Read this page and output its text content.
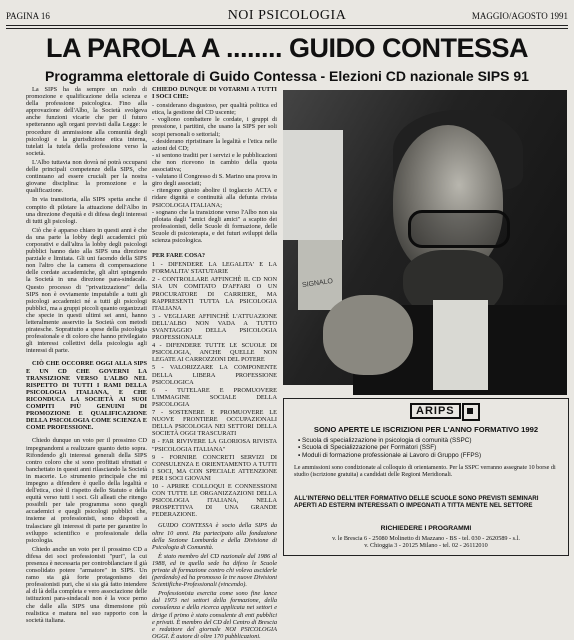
PAGINA 16	NOI PSICOLOGIA	MAGGIO/AGOSTO 1991
LA PAROLA A ........ GUIDO CONTESSA
Programma elettorale di Guido Contessa - Elezioni CD nazionale SIPS 91

La SIPS ha da sempre un ruolo di promozione e qualificazione della scienza e della professione psicologica. Fino alla approvazione dell'Albo, la Società svolgeva anche funzioni vicarie che per il futuro spetteranno agli organi previsti dalla Legge: le procedure di ammissione alla comunità degli psicologi e la giurisdizione etica interna, tutelati la tutela della professione verso la società.

L'Albo tuttavia non dovrà né potrà occuparsi delle principali competenze della SIPS, che continuano ad essere cruciali per la nostra giovane disciplina: la promozione e la qualificazione.

In via transitoria, alla SIPS spetta anche il compito di pilotare la attuazione dell'Albo in una direzione d'equità e di difesa degli interessi di tutti gli psicologi.

Ciò che è apparso chiaro in questi anni è che da una parte la lobby degli accademici più corporativi e dall'altra la lobby degli psicologi pubblici hanno dato alla SIPS una direzione parziale e limitata. Gli uni facendo della SIPS non l'altro che la camera di compensazione delle cordate accademiche, gli altri spingendo la Società in una direzione para-sindacale. Questo processo di "privatizzazione" della SIPS non è ovviamente imputabile a tutti gli psicologi accademici né a tutti gli psicologi pubblici, ma a gruppi piccoli quanto organizzati che specie in questi ultimi sei anni, hanno letteralmente asservito la Società con metodi piratesche. Soprattutto a spese della psicologia professionale e di coloro che hanno privilegiato gli interessi collettivi della psicologia agli interessi di parte.

CIÒ CHE OCCORRE OGGI ALLA SIPS E UN CD CHE GOVERNI LA TRANSIZIONE VERSO L'ALBO NEL RISPETTO DI TUTTI I RAMI DELLA PSICOLOGIA ITALIANA, E CHE RICONDUCA LA SOCIETÀ AI SUOI COMPITI PIÙ GENUINI DI PROMOZIONE E QUALIFICAZIONE DELLA PSICOLOGIA COME SCIENZA E COME PROFESSIONE.

Chiedo dunque un voto per il prossimo CD impegnandomi a realizzare quanto detto sopra. Rifondendo gli interessi generali della SIPS contro coloro che si sono profittati sfruttati e banchettato in questi anni rilasciando la Società in macerie. Lo strumento principale che mi impegno a difendere è quello della legalità e dell'etica, cioè il rispetto dello Statuto e della equità verso tutti i soci. Gli alleati che ritengo possibili per tale programma sono quegli accademici e quegli psicologi pubblici che, insieme ai professionisti, sono disposti a tralasciare gli interessi di parte per garantire lo sviluppo scientifico e professionale della psicologia.

Chiedo anche un voto per il prossimo CD a difesa dei soci professionisti "puri", la cui presenza è necessaria per controbilanciare il già consolidato potere "armatore" in SIPS. Un ramo sta già forte protagonismo dei professionisti puri, che si sia già fatto intendere al di là della completa e vero associazione delle istituzioni para-sindacali non è la voce perno che dalle alla SIPS una dimensione più realistica e matura nel suo rapporto con la società italiana.

CHIEDO DUNQUE DI VOTARMI A TUTTI I SOCI CHE:
- considerano disgustoso, per qualità politica ed etica, la gestione del CD uscente;
- vogliono combattere le cordate, i gruppi di pressione, i partitini, che usano la SIPS per soli scopi personali o settoriali;
- desiderano ripristinare la legalità e l'etica nelle azioni del CD;
- si sentono traditi per i servizi e le pubblicazioni che non ricevono in cambio della quota associativa;
- valutano il Congresso di S. Marino una prova in giro degli associati;
- ritengono giusto abolire il toglaccio ACTA e ridare dignità e continuità alla defunta rivista PSICOLOGIA ITALIANA;
- sognano che la transizione verso l'Albo non sia pilotata dagli "amici degli amici" a scapito dei professionisti, delle Scuole di formazione, delle Scuole di psicoterapia, e dei futuri sviluppi della scienza psicologica.
PER FARE COSA?
1 - DIFENDERE LA LEGALITA' E LA FORMALITA' STATUTARIE
2 - CONTROLLARE AFFINCHÈ IL CD NON SIA UN COMITATO D'AFFARI O UN PROCURATORE DI CARRIERE, MA RAPPRESENTI TUTTA LA PSICOLOGIA ITALIANA
3 - VEGLIARE AFFINCHÈ L'ATTUAZIONE DELL'ALBO NON VADA A TUTTO SVANTAGGIO DELLA PSICOLOGIA PROFESSIONALE
4 - DIFENDERE TUTTE LE SCUOLE DI PSICOLOGIA, ANCHE QUELLE NON LEGATE AI CARROZZONI DEL POTERE
5 - VALORIZZARE LA COMPONENTE DELLA LIBERA PROFESSIONE PSICOLOGICA
6 - TUTELARE E PROMUOVERE L'IMMAGINE SOCIALE DELLA PSICOLOGIA
7 - SOSTENERE E PROMUOVERE LE NUOVE FRONTIERE OCCUPAZIONALI DELLA PSICOLOGIA NEI SETTORI DELLA SOCIETÀ OGGI TRASCURATI
8 - FAR RIVIVERE LA GLORIOSA RIVISTA "PSICOLOGIA ITALIANA"
9 - FORNIRE CONCRETI SERVIZI DI CONSULENZA E ORIENTAMENTO A TUTTI I SOCI, MA CON SPECIALE ATTENZIONE PER I SOCI GIOVANI
10 - APRIRE COLLOQUI E CONNESSIONI CON TUTTE LE ORGANIZZAZIONI DELLA PSICOLOGIA ITALIANA, NELLA PROSPETTIVA DI UNA GRANDE FEDERAZIONE.

GUIDO CONTESSA è socio della SIPS da oltre 10 anni. Ha partecipato alla fondazione della Sezione Lombarda e della Divisione di Psicologia di Comunità.

È stato membro del CD nazionale dal 1986 al 1988, ed in quella sede ha difeso le Scuole private di formazione contro chi voleva asciderle (perdendo) ed ha promosso le tre nuove Divisioni Scientifiche-Professionali (vincendo).

Professionista esercita come sono fine lance dal 1973 nei settori della formazione, della consulenza e della ricerca applicata nei settori e dirige il primo è stato consulente di enti pubblici e privati. È membro del CD del Centro di Brescia e redattore del giornale NOI PSICOLOGIA OGGI. È autore di oltre 170 pubblicazioni.

SIGNALO
ARIPS
SONO APERTE LE ISCRIZIONI PER L'ANNO FORMATIVO 1992
▪ Scuola di specializzazione in psicologia di comunità (SSPC)
▪ Scuola di Specializzazione per Formatori (SSF)
▪ Moduli di formazione professionale ai Lavoro di Gruppo (FFPS)
Le ammissioni sono condizionate al colloquio di orientamento. Per la SSPC verranno assegnate 10 borse di studio (iscrizione gratuita) a candidati delle Regioni Meridionali.
ALL'INTERNO DELL'ITER FORMATIVO DELLE SCUOLE SONO PREVISTI SEMINARI APERTI AD ESTERNI INTERESSATI O IMPEGNATI A TITTA MENTE NEL SETTORE
RICHIEDERE I PROGRAMMI
v. le Brescia 6 - 25080 Molinetto di Mazzano - BS - tel. 030 - 2620589 - s.l.
v. Chioggia 3 - 20125 Milano - tel. 02 - 26112010
